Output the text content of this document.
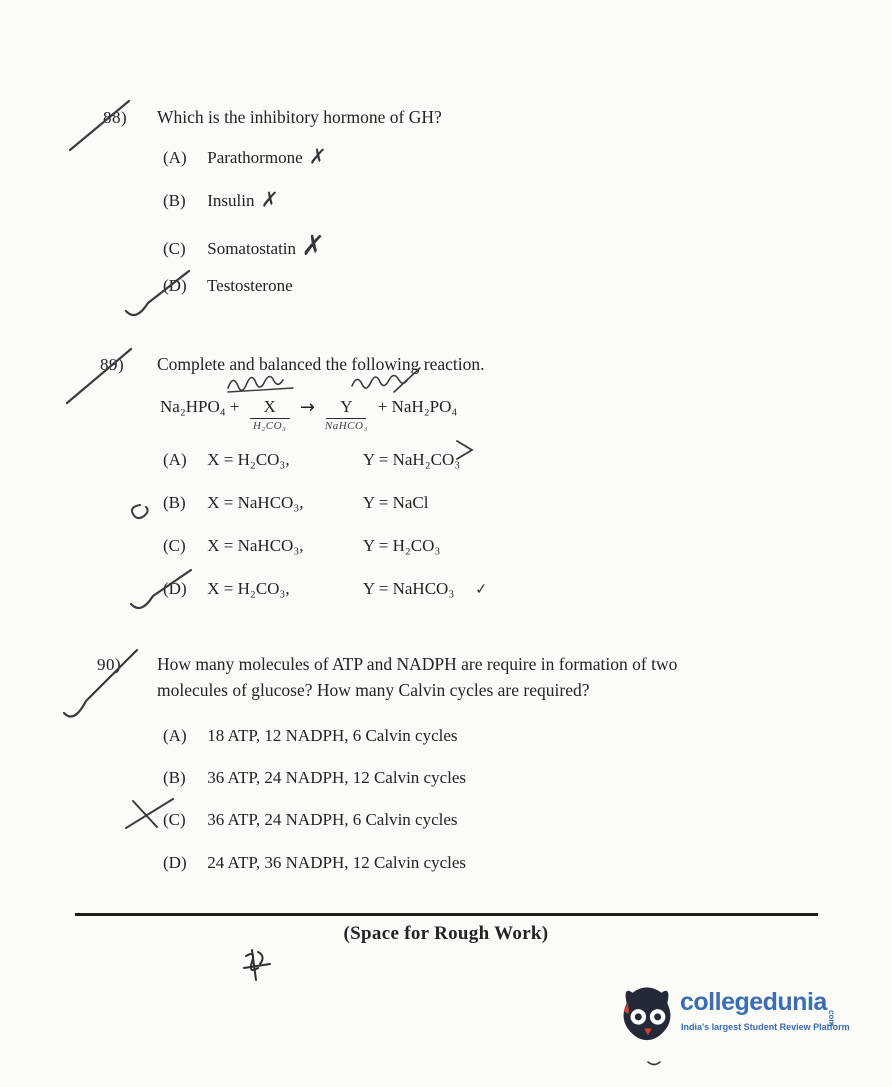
88) Which is the inhibitory hormone of GH?
(A) Parathormone ✗
(B) Insulin ✗
(C) Somatostatin ✗
(D) Testosterone
89) Complete and balanced the following reaction.
$Na_2HPO_4 + \frac{X}{\text{H₂CO₃}} \to \frac{Y}{\text{NaHCO₃}} + NaH_2PO_4$
(A) X = H₂CO₃,	Y = NaH₂CO₃
(B) X = NaHCO₃,	Y = NaCl
(C) X = NaHCO₃,	Y = H₂CO₃
(D) X = H₂CO₃,	Y = NaHCO₃ ✓
90) How many molecules of ATP and NADPH are require in formation of two
molecules of glucose? How many Calvin cycles are required?
(A) 18 ATP, 12 NADPH, 6 Calvin cycles
(B) 36 ATP, 24 NADPH, 12 Calvin cycles
(C) 36 ATP, 24 NADPH, 6 Calvin cycles
(D) 24 ATP, 36 NADPH, 12 Calvin cycles
(Space for Rough Work)
collegeduniacom
India's largest Student Review Platform
